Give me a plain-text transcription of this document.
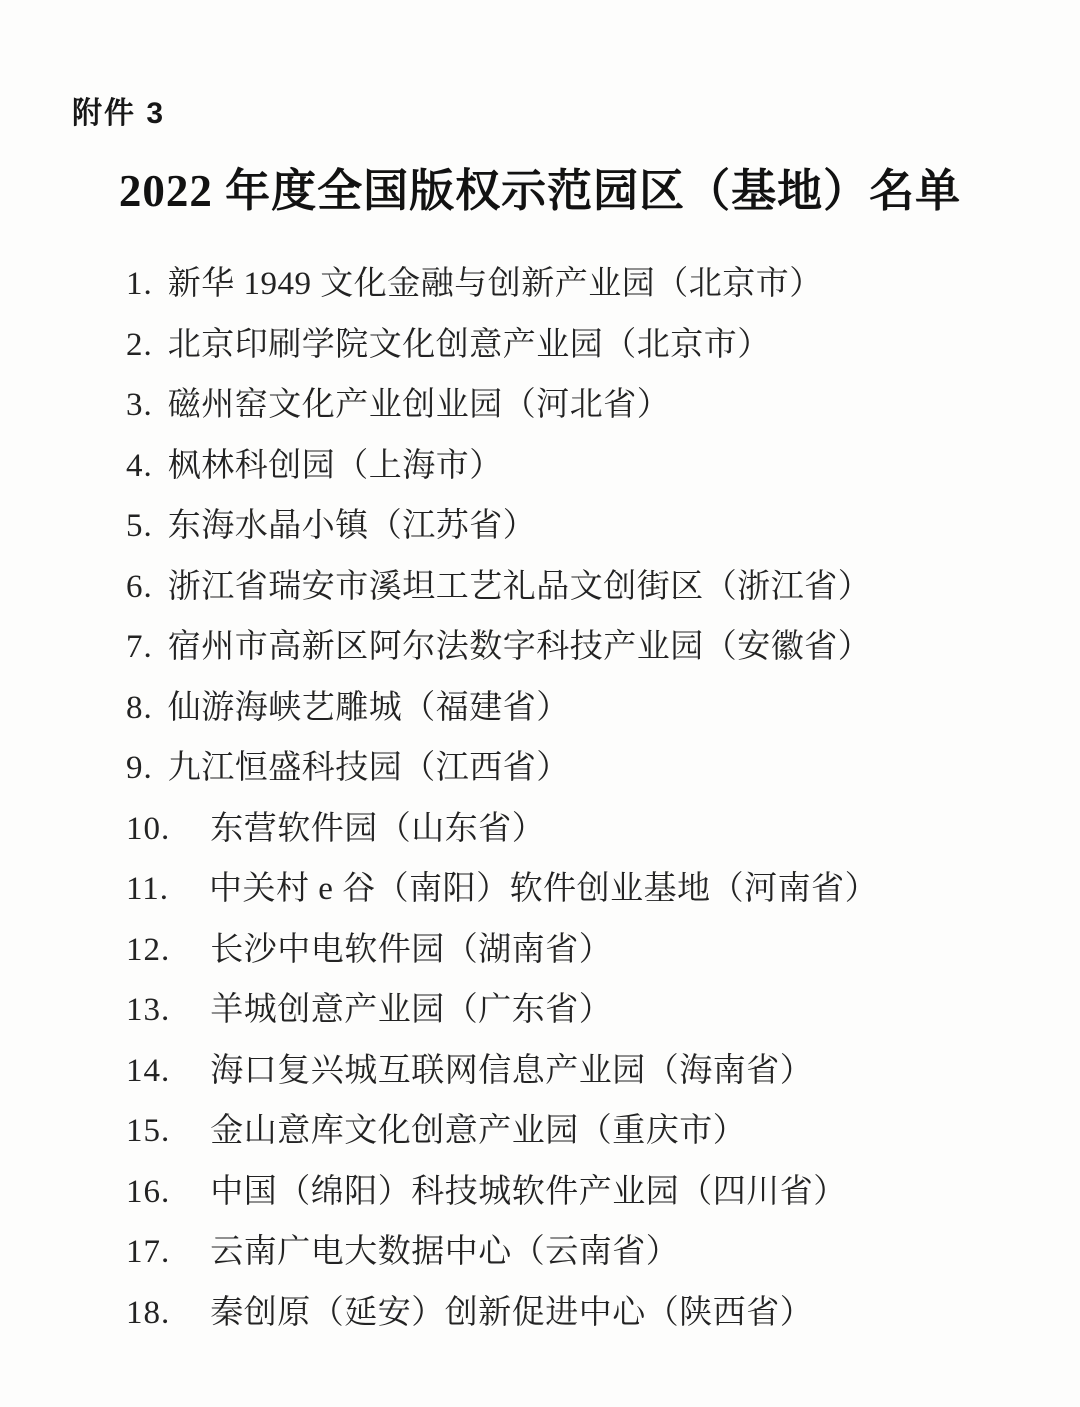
附件 3
2022 年度全国版权示范园区（基地）名单
1. 新华 1949 文化金融与创新产业园（北京市）
2. 北京印刷学院文化创意产业园（北京市）
3. 磁州窑文化产业创业园（河北省）
4. 枫林科创园（上海市）
5. 东海水晶小镇（江苏省）
6. 浙江省瑞安市溪坦工艺礼品文创街区（浙江省）
7. 宿州市高新区阿尔法数字科技产业园（安徽省）
8. 仙游海峡艺雕城（福建省）
9. 九江恒盛科技园（江西省）
10. 东营软件园（山东省）
11. 中关村 e 谷（南阳）软件创业基地（河南省）
12. 长沙中电软件园（湖南省）
13. 羊城创意产业园（广东省）
14. 海口复兴城互联网信息产业园（海南省）
15. 金山意库文化创意产业园（重庆市）
16. 中国（绵阳）科技城软件产业园（四川省）
17. 云南广电大数据中心（云南省）
18. 秦创原（延安）创新促进中心（陕西省）
